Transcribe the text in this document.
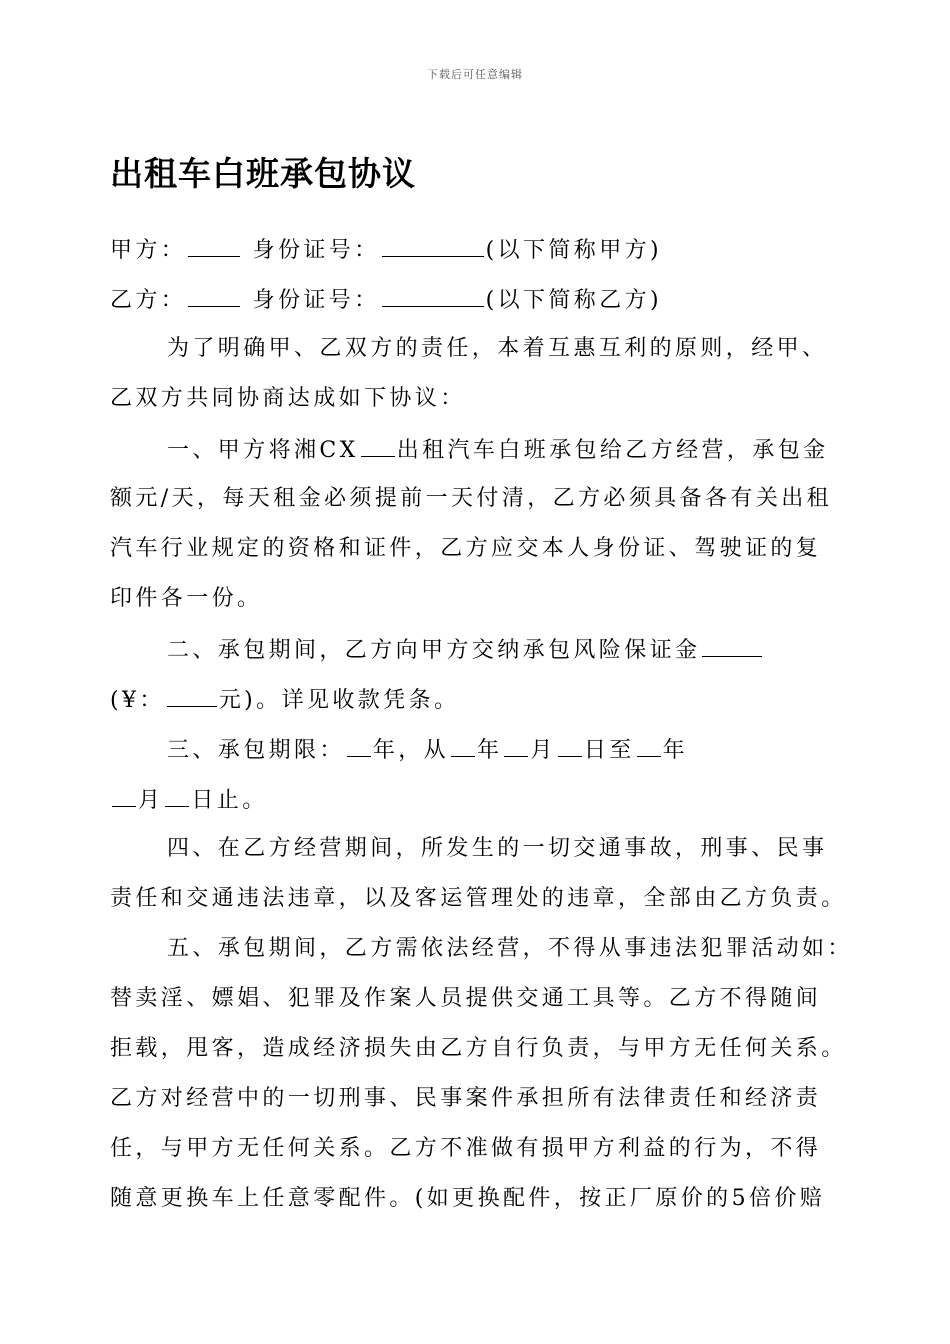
下载后可任意编辑
出租车白班承包协议
甲方：	身份证号：	(以下简称甲方)
乙方：	身份证号：	(以下简称乙方)
为了明确甲、乙双方的责任，本着互惠互利的原则，经甲、
乙双方共同协商达成如下协议：
一、甲方将湘CX 出租汽车白班承包给乙方经营，承包金
额元/天，每天租金必须提前一天付清，乙方必须具备各有关出租
汽车行业规定的资格和证件，乙方应交本人身份证、驾驶证的复
印件各一份。
二、承包期间，乙方向甲方交纳承包风险保证金
(¥： 元)。详见收款凭条。
三、承包期限： 年，从 年 月 日至 年
月 日止。
四、在乙方经营期间，所发生的一切交通事故，刑事、民事
责任和交通违法违章，以及客运管理处的违章，全部由乙方负责。
五、承包期间，乙方需依法经营，不得从事违法犯罪活动如：
替卖淫、嫖娼、犯罪及作案人员提供交通工具等。乙方不得随间
拒载，甩客，造成经济损失由乙方自行负责，与甲方无任何关系。
乙方对经营中的一切刑事、民事案件承担所有法律责任和经济责
任，与甲方无任何关系。乙方不准做有损甲方利益的行为，不得
随意更换车上任意零配件。(如更换配件，按正厂原价的5倍价赔
